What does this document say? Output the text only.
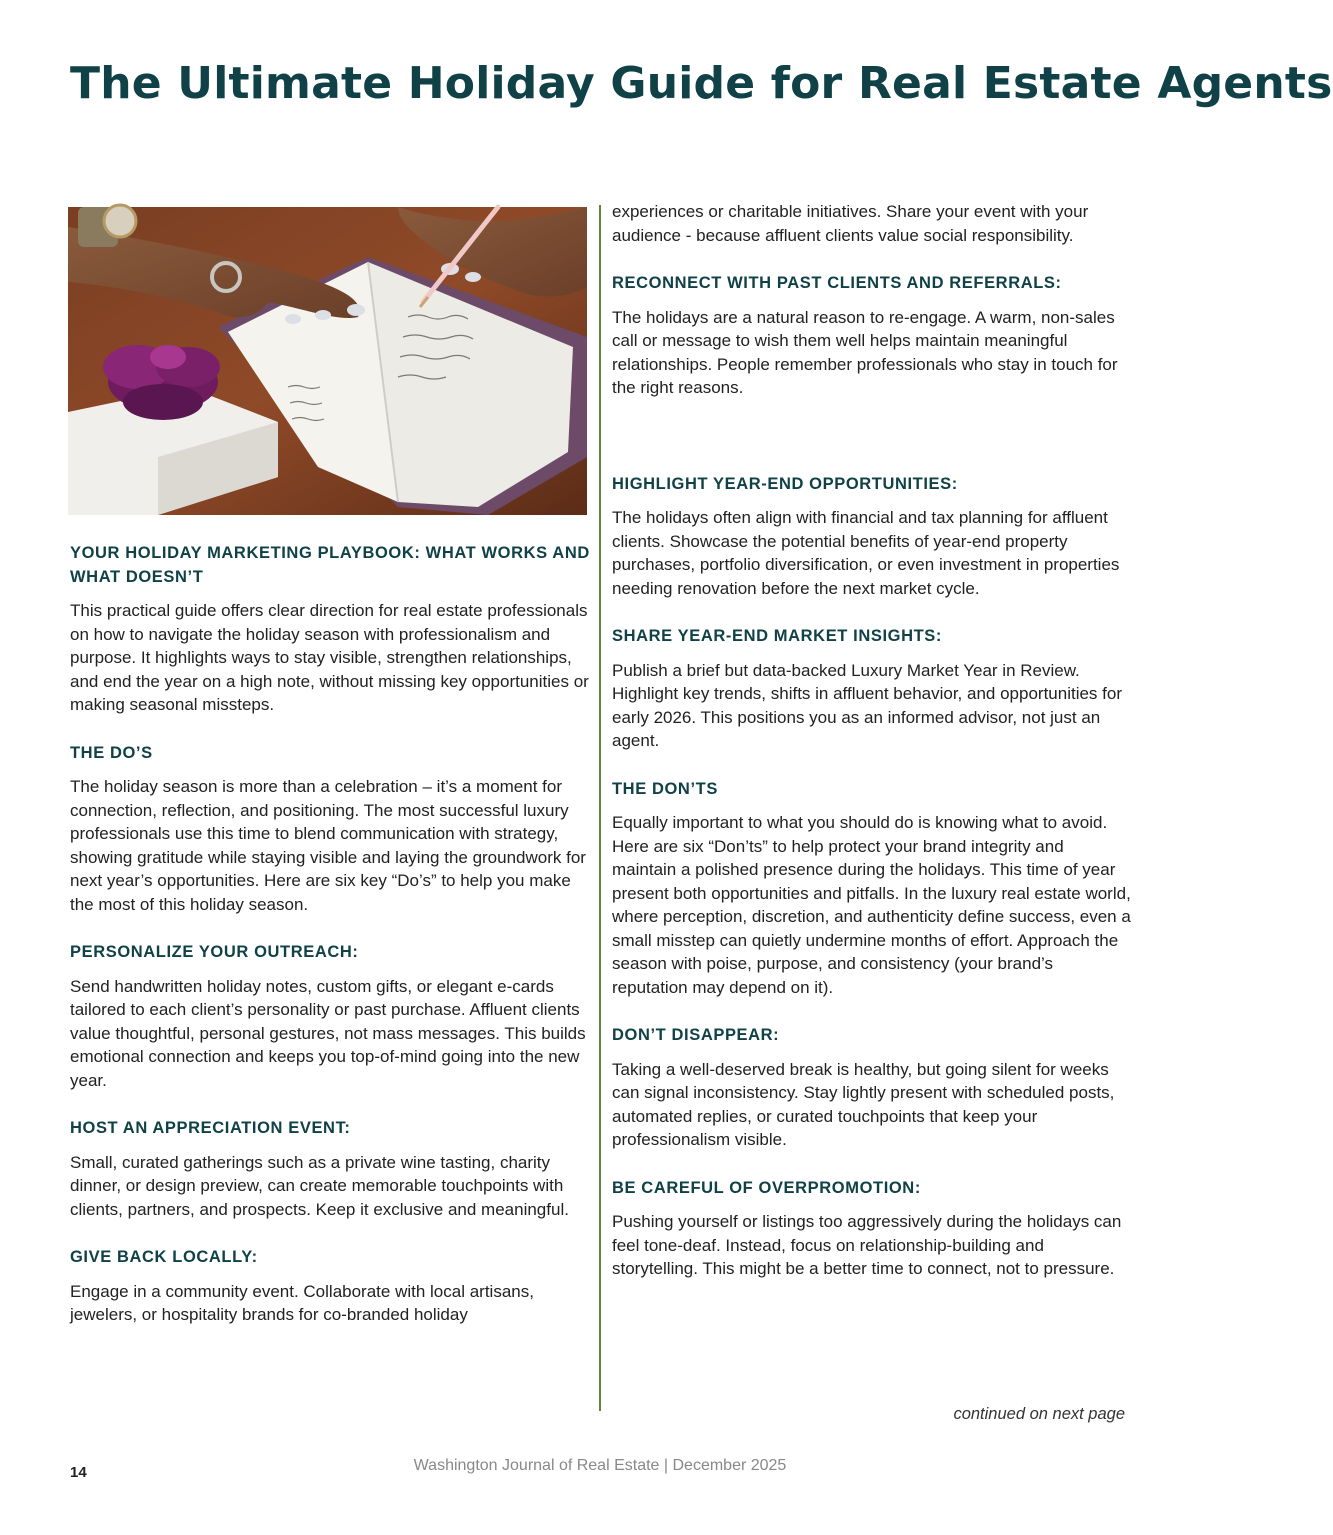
The Ultimate Holiday Guide for Real Estate Agents
YOUR HOLIDAY MARKETING PLAYBOOK: WHAT WORKS AND WHAT DOESN’T

This practical guide offers clear direction for real estate professionals on how to navigate the holiday season with professionalism and purpose. It highlights ways to stay visible, strengthen relationships, and end the year on a high note, without missing key opportunities or making seasonal missteps.

THE DO’S

The holiday season is more than a celebration – it’s a moment for connection, reflection, and positioning. The most successful luxury professionals use this time to blend communication with strategy, showing gratitude while staying visible and laying the groundwork for next year’s opportunities. Here are six key “Do’s” to help you make the most of this holiday season.

PERSONALIZE YOUR OUTREACH:

Send handwritten holiday notes, custom gifts, or elegant e-cards tailored to each client’s personality or past purchase. Affluent clients value thoughtful, personal gestures, not mass messages. This builds emotional connection and keeps you top-of-mind going into the new year.

HOST AN APPRECIATION EVENT:

Small, curated gatherings such as a private wine tasting, charity dinner, or design preview, can create memorable touchpoints with clients, partners, and prospects. Keep it exclusive and meaningful.

GIVE BACK LOCALLY:

Engage in a community event. Collaborate with local artisans, jewelers, or hospitality brands for co-branded holiday

experiences or charitable initiatives. Share your event with your audience - because affluent clients value social responsibility.

RECONNECT WITH PAST CLIENTS AND REFERRALS:

The holidays are a natural reason to re-engage. A warm, non-sales call or message to wish them well helps maintain meaningful relationships. People remember professionals who stay in touch for the right reasons.

HIGHLIGHT YEAR-END OPPORTUNITIES:

The holidays often align with financial and tax planning for affluent clients. Showcase the potential benefits of year-end property purchases, portfolio diversification, or even investment in properties needing renovation before the next market cycle.

SHARE YEAR-END MARKET INSIGHTS:

Publish a brief but data-backed Luxury Market Year in Review. Highlight key trends, shifts in affluent behavior, and opportunities for early 2026. This positions you as an informed advisor, not just an agent.

THE DON’TS

Equally important to what you should do is knowing what to avoid. Here are six “Don’ts” to help protect your brand integrity and maintain a polished presence during the holidays. This time of year present both opportunities and pitfalls. In the luxury real estate world, where perception, discretion, and authenticity define success, even a small misstep can quietly undermine months of effort. Approach the season with poise, purpose, and consistency (your brand’s reputation may depend on it).

DON’T DISAPPEAR:

Taking a well-deserved break is healthy, but going silent for weeks can signal inconsistency. Stay lightly present with scheduled posts, automated replies, or curated touchpoints that keep your professionalism visible.

BE CAREFUL OF OVERPROMOTION:

Pushing yourself or listings too aggressively during the holidays can feel tone-deaf. Instead, focus on relationship-building and storytelling. This might be a better time to connect, not to pressure.

continued on next page
14	Washington Journal of Real Estate | December 2025
